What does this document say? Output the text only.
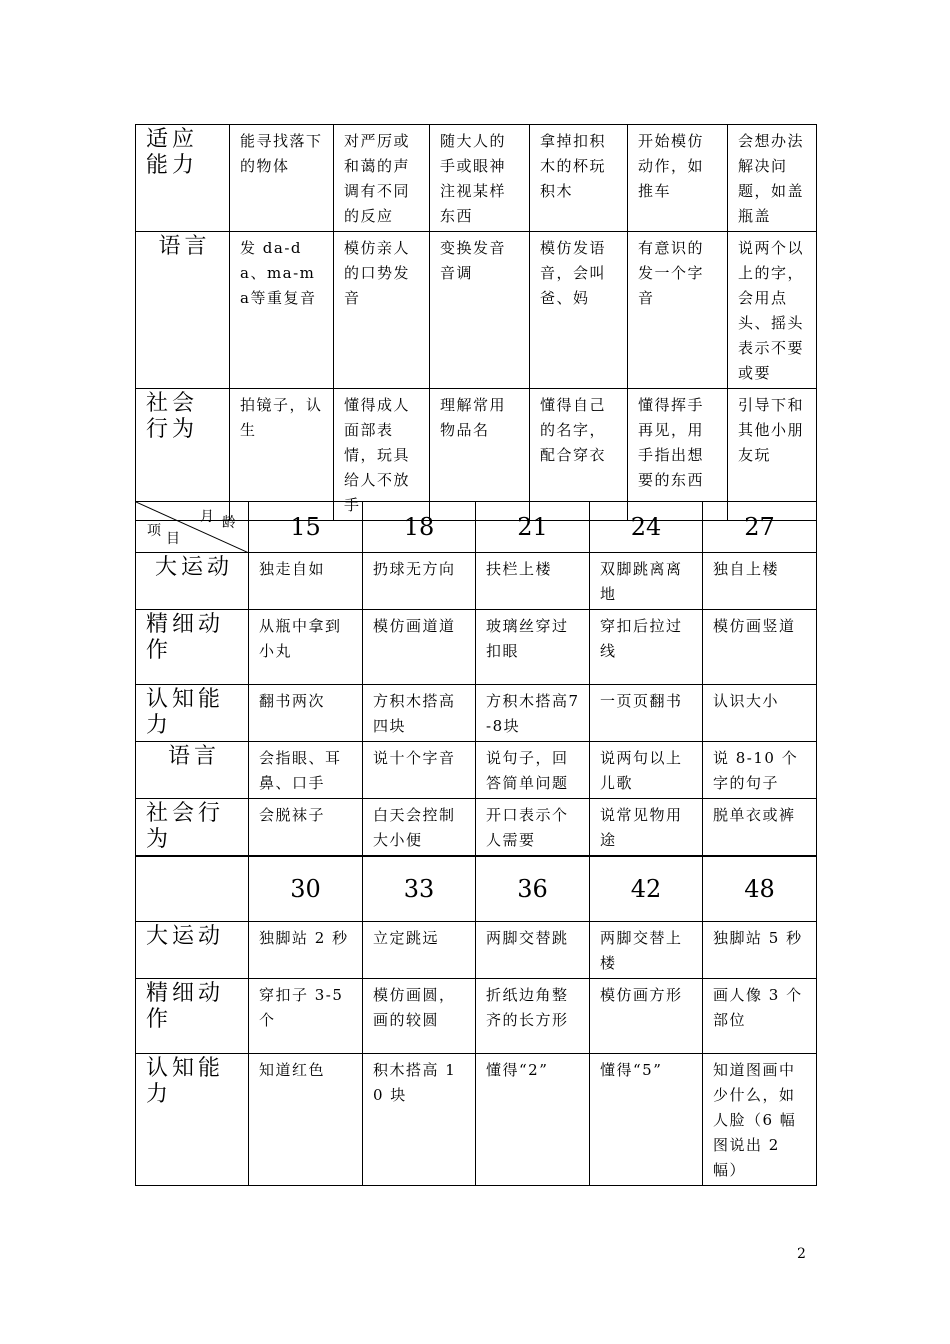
适应能力	能寻找落下的物体	对严厉或和蔼的声调有不同的反应	随大人的手或眼神注视某样东西	拿掉扣积木的杯玩积木	开始模仿动作，如推车	会想办法解决问题，如盖瓶盖
语言	发 da-da、ma-ma等重复音	模仿亲人的口势发音	变换发音音调	模仿发语音，会叫爸、妈	有意识的发一个字音	说两个以上的字，会用点头、摇头表示不要或要
社会行为	拍镜子，认生	懂得成人面部表情，玩具给人不放手	理解常用物品名	懂得自己的名字，配合穿衣	懂得挥手再见，用手指出想要的东西	引导下和其他小朋友玩
月 龄
项 目	15	18	21	24	27
大运动	独走自如	扔球无方向	扶栏上楼	双脚跳离离地	独自上楼
精细动作	从瓶中拿到小丸	模仿画道道	玻璃丝穿过扣眼	穿扣后拉过线	模仿画竖道
认知能力	翻书两次	方积木搭高四块	方积木搭高7-8块	一页页翻书	认识大小
语言	会指眼、耳鼻、口手	说十个字音	说句子，回答简单问题	说两句以上儿歌	说 8-10 个字的句子
社会行为	会脱袜子	白天会控制大小便	开口表示个人需要	说常见物用途	脱单衣或裤
	30	33	36	42	48
大运动	独脚站 2 秒	立定跳远	两脚交替跳	两脚交替上楼	独脚站 5 秒
精细动作	穿扣子 3-5 个	模仿画圆，画的较圆	折纸边角整齐的长方形	模仿画方形	画人像 3 个部位
认知能力	知道红色	积木搭高 10 块	懂得“2”	懂得“5”	知道图画中少什么，如人脸（6 幅图说出 2 幅）
2
